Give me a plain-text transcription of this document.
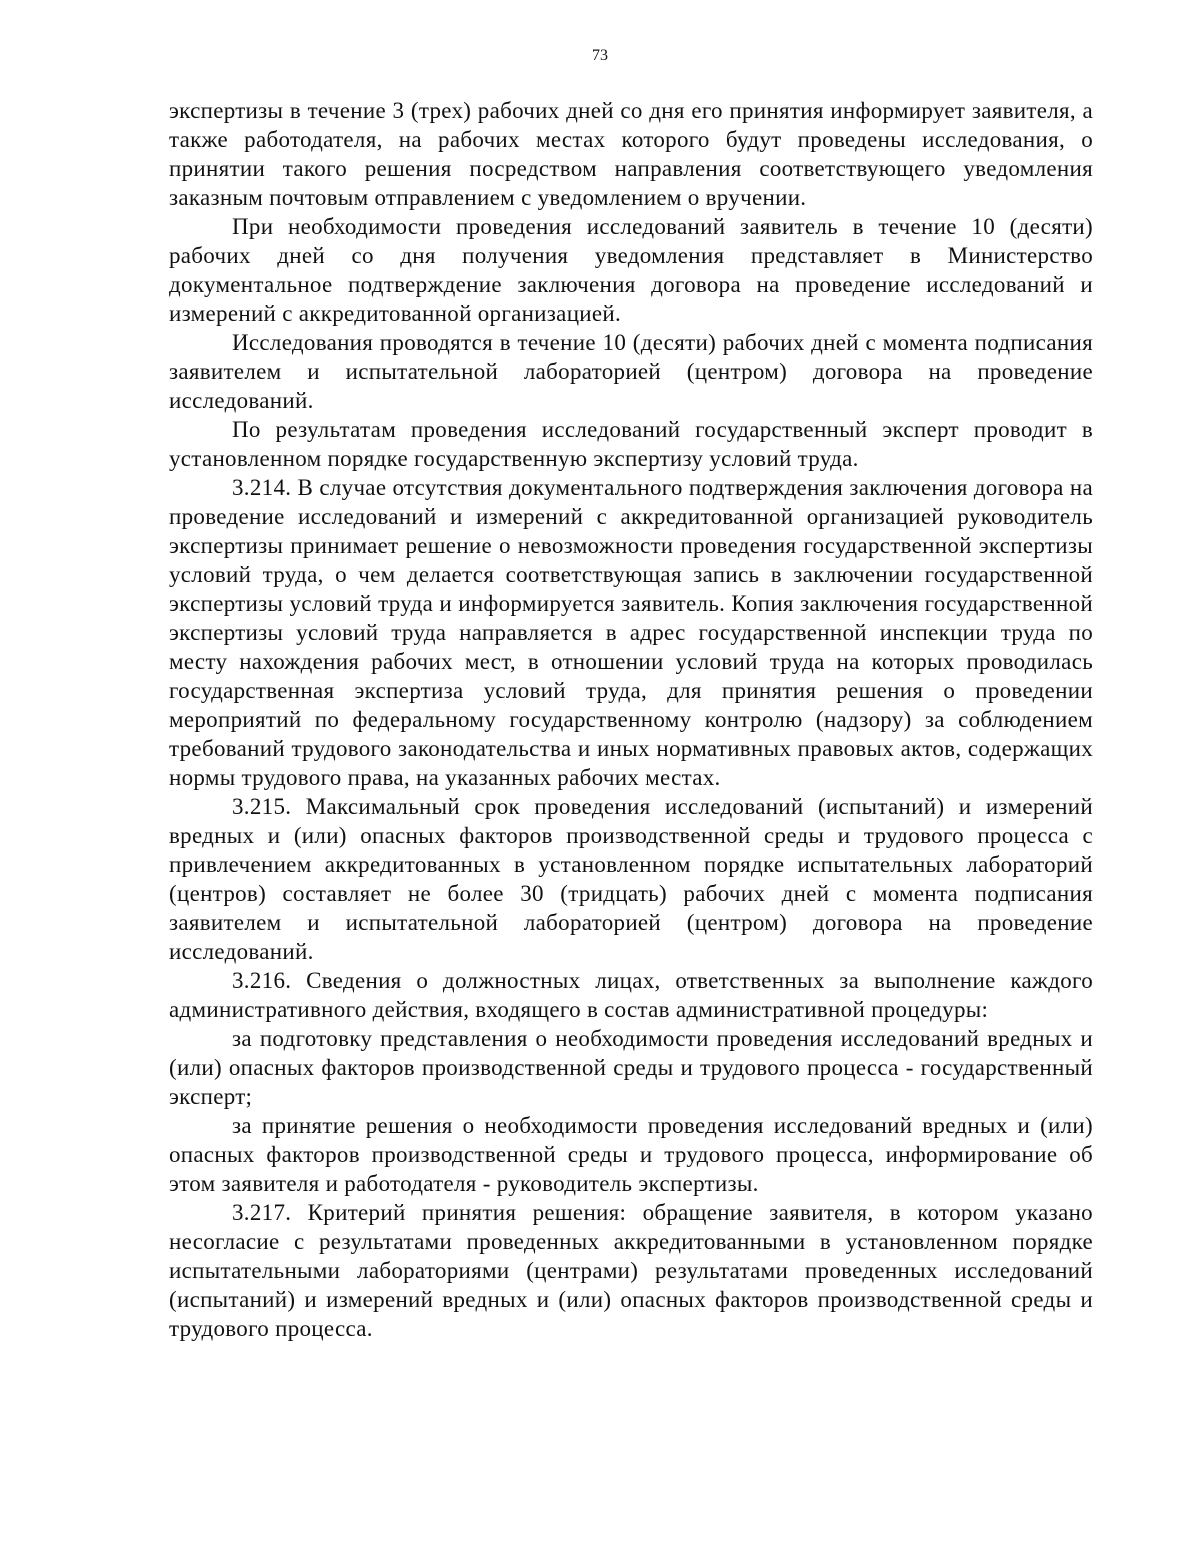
73

экспертизы в течение 3 (трех) рабочих дней со дня его принятия информирует заявителя, а также работодателя, на рабочих местах которого будут проведены исследования, о принятии такого решения посредством направления соответствующего уведомления заказным почтовым отправлением с уведомлением о вручении.

При необходимости проведения исследований заявитель в течение 10 (десяти) рабочих дней со дня получения уведомления представляет в Министерство документальное подтверждение заключения договора на проведение исследований и измерений с аккредитованной организацией.

Исследования проводятся в течение 10 (десяти) рабочих дней с момента подписания заявителем и испытательной лабораторией (центром) договора на проведение исследований.

По результатам проведения исследований государственный эксперт проводит в установленном порядке государственную экспертизу условий труда.

3.214. В случае отсутствия документального подтверждения заключения договора на проведение исследований и измерений с аккредитованной организацией руководитель экспертизы принимает решение о невозможности проведения государственной экспертизы условий труда, о чем делается соответствующая запись в заключении государственной экспертизы условий труда и информируется заявитель. Копия заключения государственной экспертизы условий труда направляется в адрес государственной инспекции труда по месту нахождения рабочих мест, в отношении условий труда на которых проводилась государственная экспертиза условий труда, для принятия решения о проведении мероприятий по федеральному государственному контролю (надзору) за соблюдением требований трудового законодательства и иных нормативных правовых актов, содержащих нормы трудового права, на указанных рабочих местах.

3.215. Максимальный срок проведения исследований (испытаний) и измерений вредных и (или) опасных факторов производственной среды и трудового процесса с привлечением аккредитованных в установленном порядке испытательных лабораторий (центров) составляет не более 30 (тридцать) рабочих дней с момента подписания заявителем и испытательной лабораторией (центром) договора на проведение исследований.

3.216. Сведения о должностных лицах, ответственных за выполнение каждого административного действия, входящего в состав административной процедуры:

за подготовку представления о необходимости проведения исследований вредных и (или) опасных факторов производственной среды и трудового процесса - государственный эксперт;

за принятие решения о необходимости проведения исследований вредных и (или) опасных факторов производственной среды и трудового процесса, информирование об этом заявителя и работодателя - руководитель экспертизы.

3.217. Критерий принятия решения: обращение заявителя, в котором указано несогласие с результатами проведенных аккредитованными в установленном порядке испытательными лабораториями (центрами) результатами проведенных исследований (испытаний) и измерений вредных и (или) опасных факторов производственной среды и трудового процесса.
